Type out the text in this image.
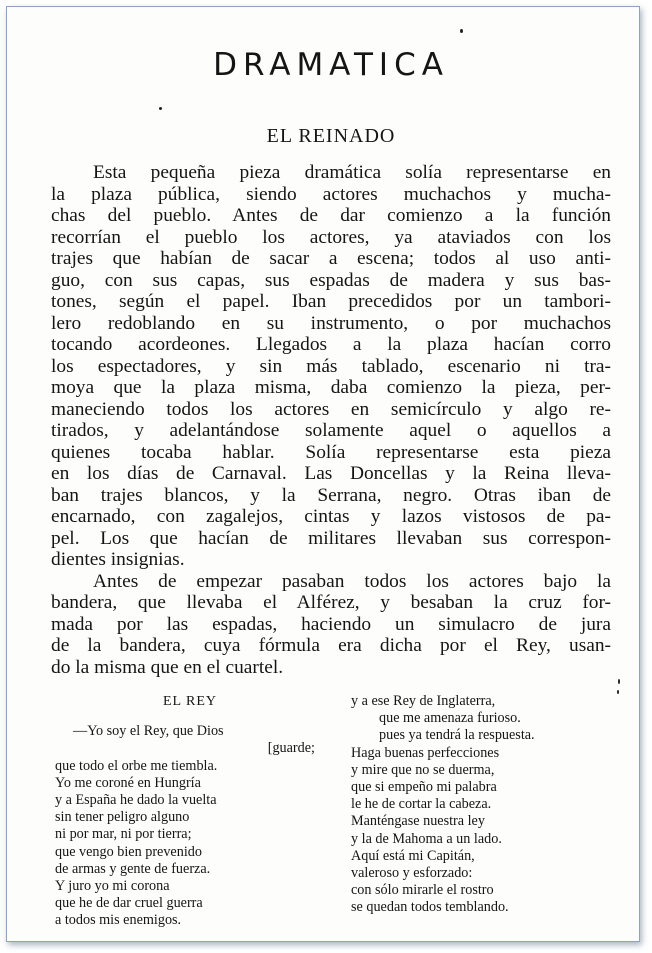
DRAMATICA
EL REINADO
Esta pequeña pieza dramática solía representarse en
la plaza pública, siendo actores muchachos y mucha-
chas del pueblo. Antes de dar comienzo a la función
recorrían el pueblo los actores, ya ataviados con los
trajes que habían de sacar a escena; todos al uso anti-
guo, con sus capas, sus espadas de madera y sus bas-
tones, según el papel. Iban precedidos por un tambori-
lero redoblando en su instrumento, o por muchachos
tocando acordeones. Llegados a la plaza hacían corro
los espectadores, y sin más tablado, escenario ni tra-
moya que la plaza misma, daba comienzo la pieza, per-
maneciendo todos los actores en semicírculo y algo re-
tirados, y adelantándose solamente aquel o aquellos a
quienes tocaba hablar. Solía representarse esta pieza
en los días de Carnaval. Las Doncellas y la Reina lleva-
ban trajes blancos, y la Serrana, negro. Otras iban de
encarnado, con zagalejos, cintas y lazos vistosos de pa-
pel. Los que hacían de militares llevaban sus correspon-
dientes insignias.
Antes de empezar pasaban todos los actores bajo la
bandera, que llevaba el Alférez, y besaban la cruz for-
mada por las espadas, haciendo un simulacro de jura
de la bandera, cuya fórmula era dicha por el Rey, usan-
do la misma que en el cuartel.
EL REY
—Yo soy el Rey, que Dios
[guarde;
que todo el orbe me tiembla.
Yo me coroné en Hungría
y a España he dado la vuelta
sin tener peligro alguno
ni por mar, ni por tierra;
que vengo bien prevenido
de armas y gente de fuerza.
Y juro yo mi corona
que he de dar cruel guerra
a todos mis enemigos.
y a ese Rey de Inglaterra,
que me amenaza furioso.
pues ya tendrá la respuesta.
Haga buenas perfecciones
y mire que no se duerma,
que si empeño mi palabra
le he de cortar la cabeza.
Manténgase nuestra ley
y la de Mahoma a un lado.
Aquí está mi Capitán,
valeroso y esforzado:
con sólo mirarle el rostro
se quedan todos temblando.
